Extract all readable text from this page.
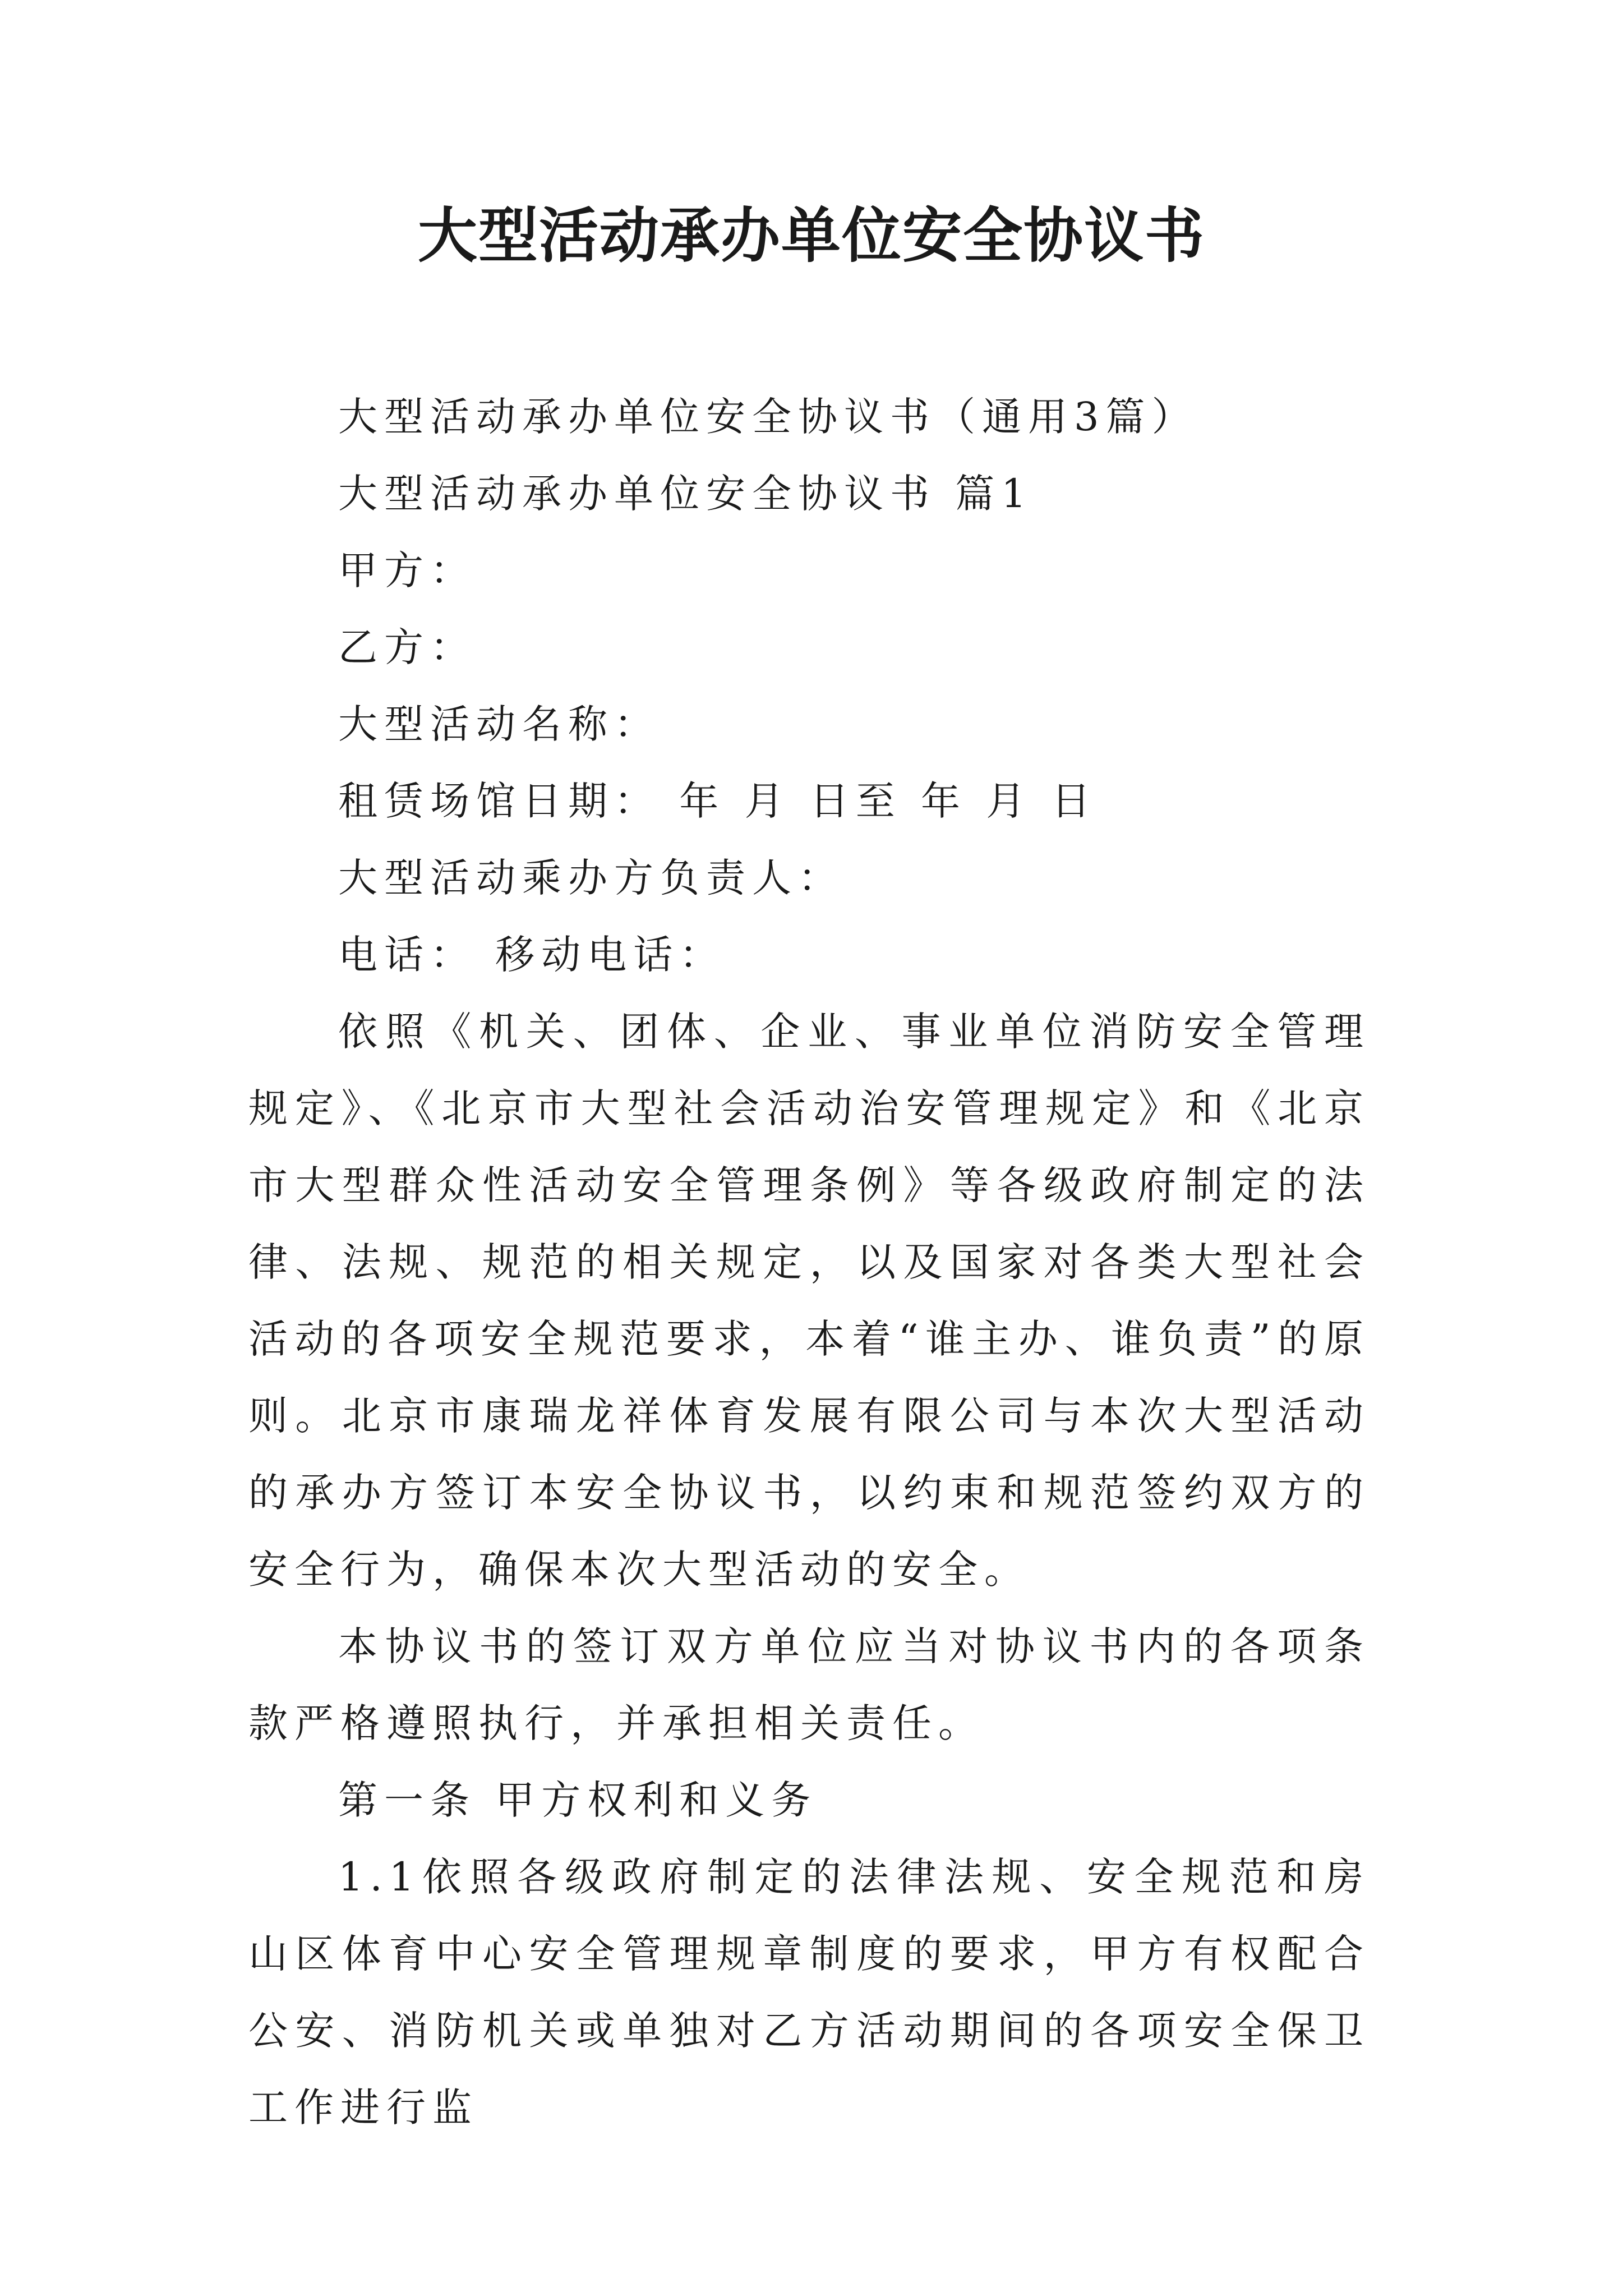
大型活动承办单位安全协议书

大型活动承办单位安全协议书（通用3篇）

大型活动承办单位安全协议书 篇1

甲方：

乙方：

大型活动名称：

租赁场馆日期： 年 月 日至 年 月 日

大型活动乘办方负责人：

电话： 移动电话：

依照《机关、团体、企业、事业单位消防安全管理规定》、《北京市大型社会活动治安管理规定》和《北京市大型群众性活动安全管理条例》等各级政府制定的法律、法规、规范的相关规定，以及国家对各类大型社会活动的各项安全规范要求，本着“谁主办、谁负责”的原则。北京市康瑞龙祥体育发展有限公司与本次大型活动的承办方签订本安全协议书，以约束和规范签约双方的安全行为，确保本次大型活动的安全。

本协议书的签订双方单位应当对协议书内的各项条款严格遵照执行，并承担相关责任。

第一条 甲方权利和义务

1.1依照各级政府制定的法律法规、安全规范和房山区体育中心安全管理规章制度的要求，甲方有权配合公安、消防机关或单独对乙方活动期间的各项安全保卫工作进行监
